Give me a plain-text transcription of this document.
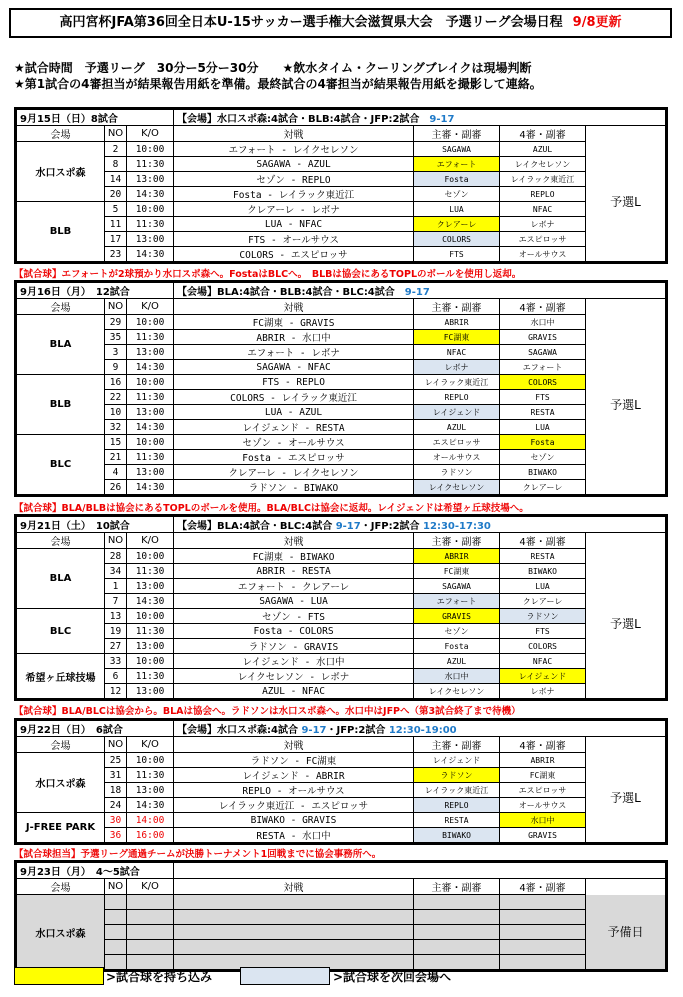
高円宮杯JFA第36回全日本U-15サッカー選手権大会滋賀県大会　予選リーグ会場日程 9/8更新
★試合時間　予選リーグ　30分ー5分ー30分　　★飲水タイム・クーリングブレイクは現場判断
★第1試合の4審担当が結果報告用紙を準備。最終試合の4審担当が結果報告用紙を撮影して連絡。
9月15日（日）8試合			【会場】水口スポ森:4試合・BLB:4試合・JFP:2試合　 9-17			
会場	NO	K/O	対戦	主審・副審	4審・副審	
水口スポ森	2	10:00	エフォート - レイクセレソン	SAGAWA	AZUL	予選L
	8	11:30	SAGAWA - AZUL	エフォート	レイクセレソン	
	14	13:00	セゾン - REPLO	Fosta	レイラック東近江	
	20	14:30	Fosta - レイラック東近江	セゾン	REPLO	
BLB	5	10:00	クレアーレ - レボナ	LUA	NFAC	
	11	11:30	LUA - NFAC	クレアーレ	レボナ	
	17	13:00	FTS - オールサウス	COLORS	エスピロッサ	
	23	14:30	COLORS - エスピロッサ	FTS	オールサウス	
【試合球】エフォートが2球預かり水口スポ森へ。FostaはBLCへ。　BLBは協会にあるTOPLのボールを使用し返却。
9月16日（月）　12試合			【会場】BLA:4試合・BLB:4試合・BLC:4試合　 9-17			
会場	NO	K/O	対戦	主審・副審	4審・副審	
BLA	29	10:00	FC湖東 - GRAVIS	ABRIR	水口中	予選L
	35	11:30	ABRIR - 水口中	FC湖東	GRAVIS	
	3	13:00	エフォート - レボナ	NFAC	SAGAWA	
	9	14:30	SAGAWA - NFAC	レボナ	エフォート	
BLB	16	10:00	FTS - REPLO	レイラック東近江	COLORS	
	22	11:30	COLORS - レイラック東近江	REPLO	FTS	
	10	13:00	LUA - AZUL	レイジェンド	RESTA	
	32	14:30	レイジェンド - RESTA	AZUL	LUA	
BLC	15	10:00	セゾン - オールサウス	エスピロッサ	Fosta	
	21	11:30	Fosta - エスピロッサ	オールサウス	セゾン	
	4	13:00	クレアーレ - レイクセレソン	ラドソン	BIWAKO	
	26	14:30	ラドソン - BIWAKO	レイクセレソン	クレアーレ	
【試合球】BLA/BLBは協会にあるTOPLのボールを使用。BLA/BLCは協会に返却。レイジェンドは希望ヶ丘球技場へ。
9月21日（土）　10試合			【会場】BLA:4試合・BLC:4試合 9-17・JFP:2試合 12:30-17:30			
会場	NO	K/O	対戦	主審・副審	4審・副審	
BLA	28	10:00	FC湖東 - BIWAKO	ABRIR	RESTA	予選L
	34	11:30	ABRIR - RESTA	FC湖東	BIWAKO	
	1	13:00	エフォート - クレアーレ	SAGAWA	LUA	
	7	14:30	SAGAWA - LUA	エフォート	クレアーレ	
BLC	13	10:00	セゾン - FTS	GRAVIS	ラドソン	
	19	11:30	Fosta - COLORS	セゾン	FTS	
	27	13:00	ラドソン - GRAVIS	Fosta	COLORS	
希望ヶ丘球技場	33	10:00	レイジェンド - 水口中	AZUL	NFAC	
	6	11:30	レイクセレソン - レボナ	水口中	レイジェンド	
	12	13:00	AZUL - NFAC	レイクセレソン	レボナ	
【試合球】BLA/BLCは協会から。BLAは協会へ。ラドソンは水口スポ森へ。水口中はJFPへ（第3試合終了まで待機）
9月22日（日）　6試合			【会場】水口スポ森:4試合 9-17・JFP:2試合 12:30-19:00			
会場	NO	K/O	対戦	主審・副審	4審・副審	
水口スポ森	25	10:00	ラドソン - FC湖東	レイジェンド	ABRIR	予選L
	31	11:30	レイジェンド - ABRIR	ラドソン	FC湖東	
	18	13:00	REPLO - オールサウス	レイラック東近江	エスピロッサ	
	24	14:30	レイラック東近江 - エスピロッサ	REPLO	オールサウス	
J-FREE PARK	30	14:00	BIWAKO - GRAVIS	RESTA	水口中	
	36	16:00	RESTA - 水口中	BIWAKO	GRAVIS	
【試合球担当】予選リーグ通過チームが決勝トーナメント1回戦までに協会事務所へ。
9月23日（月）　4～5試合						
会場	NO	K/O	対戦	主審・副審	4審・副審	
水口スポ森						予備日

>試合球を持ち込み	>試合球を次回会場へ
